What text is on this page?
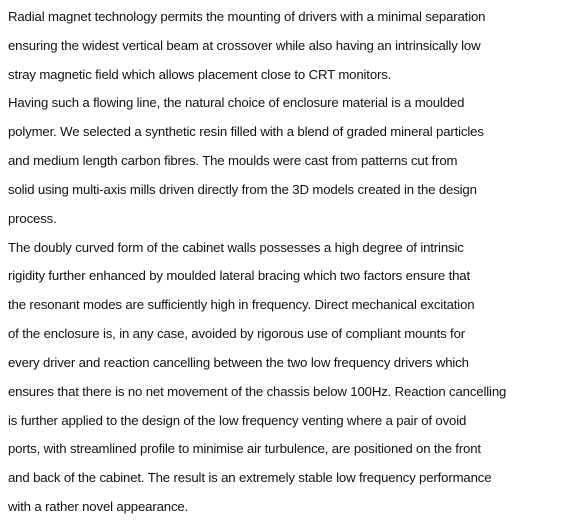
Radial magnet technology permits the mounting of drivers with a minimal separation
ensuring the widest vertical beam at crossover while also having an intrinsically low
stray magnetic field which allows placement close to CRT monitors.
Having such a flowing line, the natural choice of enclosure material is a moulded
polymer. We selected a synthetic resin filled with a blend of graded mineral particles
and medium length carbon fibres. The moulds were cast from patterns cut from
solid using multi-axis mills driven directly from the 3D models created in the design
process.
The doubly curved form of the cabinet walls possesses a high degree of intrinsic
rigidity further enhanced by moulded lateral bracing which two factors ensure that
the resonant modes are sufficiently high in frequency. Direct mechanical excitation
of the enclosure is, in any case, avoided by rigorous use of compliant mounts for
every driver and reaction cancelling between the two low frequency drivers which
ensures that there is no net movement of the chassis below 100Hz. Reaction cancelling
is further applied to the design of the low frequency venting where a pair of ovoid
ports, with streamlined profile to minimise air turbulence, are positioned on the front
and back of the cabinet. The result is an extremely stable low frequency performance
with a rather novel appearance.
